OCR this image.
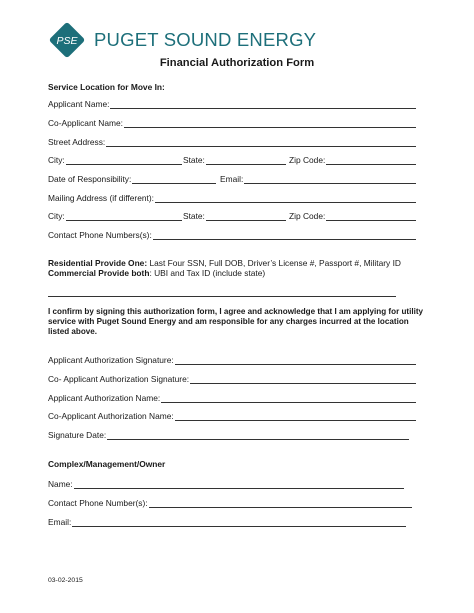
PSE PUGET SOUND ENERGY
Financial Authorization Form
Service Location for Move In:
Applicant Name:
Co-Applicant Name:
Street Address:
City:	State:	Zip Code:
Date of Responsibility:	Email:
Mailing Address (if different):
City:	State:	Zip Code:
Contact Phone Numbers(s):
Residential Provide One: Last Four SSN, Full DOB, Driver’s License #, Passport #, Military ID
Commercial Provide both: UBI and Tax ID (include state)
I confirm by signing this authorization form, I agree and acknowledge that I am applying for utility service with Puget Sound Energy and am responsible for any charges incurred at the location listed above.
Applicant Authorization Signature:
Co- Applicant Authorization Signature:
Applicant Authorization Name:
Co-Applicant Authorization Name:
Signature Date:
Complex/Management/Owner
Name:
Contact Phone Number(s):
Email:
03-02-2015
